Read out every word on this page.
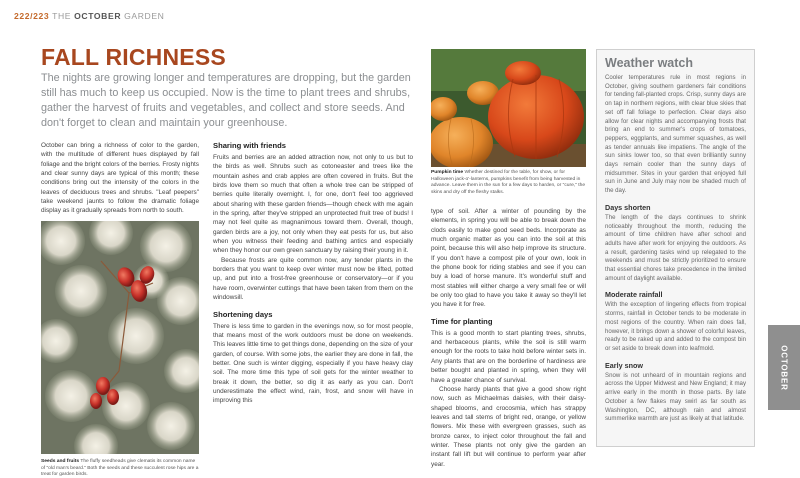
222/223 THE OCTOBER GARDEN
FALL RICHNESS
The nights are growing longer and temperatures are dropping, but the garden still has much to keep us occupied. Now is the time to plant trees and shrubs, gather the harvest of fruits and vegetables, and collect and store seeds. And don't forget to clean and maintain your greenhouse.

October can bring a richness of color to the garden, with the multitude of different hues displayed by fall foliage and the bright colors of the berries. Frosty nights and clear sunny days are typical of this month; these conditions bring out the intensity of the colors in the leaves of deciduous trees and shrubs. "Leaf peepers" take weekend jaunts to follow the dramatic foliage display as it gradually spreads from north to south.

Seeds and fruits The fluffy seedheads give clematis its common name of "old man's beard." Both the seeds and these succulent rose hips are a treat for garden birds.
Sharing with friends

Fruits and berries are an added attraction now, not only to us but to the birds as well. Shrubs such as cotoneaster and trees like the mountain ashes and crab apples are often covered in fruits. But the birds love them so much that often a whole tree can be stripped of berries quite literally overnight. I, for one, don't feel too aggrieved about sharing with these garden friends—though check with me again in the spring, after they've stripped an unprotected fruit tree of buds! I may not feel quite as magnanimous toward them. Overall, though, garden birds are a joy, not only when they eat pests for us, but also when you witness their feeding and bathing antics and especially when they honor our own green sanctuary by raising their young in it.

Because frosts are quite common now, any tender plants in the borders that you want to keep over winter must now be lifted, potted up, and put into a frost-free greenhouse or conservatory—or if you have room, overwinter cuttings that have been taken from them on the windowsill.

Shortening days

There is less time to garden in the evenings now, so for most people, that means most of the work outdoors must be done on weekends. This leaves little time to get things done, depending on the size of your garden, of course. With some jobs, the earlier they are done in fall, the better. One such is winter digging, especially if you have heavy clay soil. The more time this type of soil gets for the winter weather to break it down, the better, so dig it as early as you can. Don't underestimate the effect wind, rain, frost, and snow will have in improving this

Pumpkin time Whether destined for the table, for show, or for Halloween jack-o'-lanterns, pumpkins benefit from being harvested in advance. Leave them in the sun for a few days to harden, or "cure," the skins and dry off the fleshy stalks.

type of soil. After a winter of pounding by the elements, in spring you will be able to break down the clods easily to make good seed beds. Incorporate as much organic matter as you can into the soil at this point, because this will also help improve its structure. If you don't have a compost pile of your own, look in the phone book for riding stables and see if you can buy a load of horse manure. It's wonderful stuff and most stables will either charge a very small fee or will be only too glad to have you take it away so they'll let you have it for free.

Time for planting

This is a good month to start planting trees, shrubs, and herbaceous plants, while the soil is still warm enough for the roots to take hold before winter sets in. Any plants that are on the borderline of hardiness are better bought and planted in spring, when they will have a greater chance of survival.

Choose hardy plants that give a good show right now, such as Michaelmas daisies, with their daisy-shaped blooms, and crocosmia, which has strappy leaves and tall stems of bright red, orange, or yellow flowers. Mix these with evergreen grasses, such as bronze carex, to inject color throughout the fall and winter. These plants not only give the garden an instant fall lift but will continue to perform year after year.

Weather watch

Cooler temperatures rule in most regions in October, giving southern gardeners fair conditions for tending fall-planted crops. Crisp, sunny days are on tap in northern regions, with clear blue skies that set off fall foliage to perfection. Clear days also allow for clear nights and accompanying frosts that bring an end to summer's crops of tomatoes, peppers, eggplants, and summer squashes, as well as tender annuals like impatiens. The angle of the sun sinks lower too, so that even brilliantly sunny days remain cooler than the sunny days of midsummer. Sites in your garden that enjoyed full sun in June and July may now be shaded much of the day.

Days shorten

The length of the days continues to shrink noticeably throughout the month, reducing the amount of time children have after school and adults have after work for enjoying the outdoors. As a result, gardening tasks wind up relegated to the weekends and must be strictly prioritized to ensure that essential chores take precedence in the limited amount of daylight available.

Moderate rainfall

With the exception of lingering effects from tropical storms, rainfall in October tends to be moderate in most regions of the country. When rain does fall, however, it brings down a shower of colorful leaves, ready to be raked up and added to the compost bin or set aside to break down into leafmold.

Early snow

Snow is not unheard of in mountain regions and across the Upper Midwest and New England; it may arrive early in the month in those parts. By late October a few flakes may swirl as far south as Washington, DC, although rain and almost summerlike warmth are just as likely at that latitude.

OCTOBER
